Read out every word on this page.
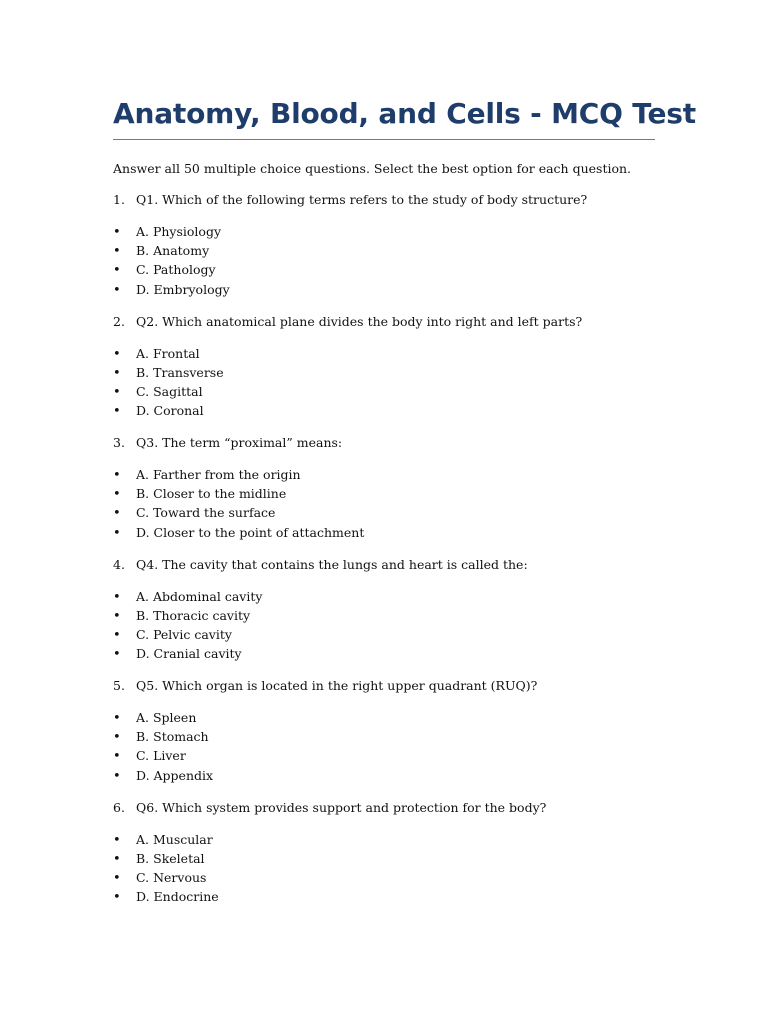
Anatomy, Blood, and Cells - MCQ Test

Answer all 50 multiple choice questions. Select the best option for each question.

1. Q1. Which of the following terms refers to the study of body structure?
• A. Physiology
• B. Anatomy
• C. Pathology
• D. Embryology
2. Q2. Which anatomical plane divides the body into right and left parts?
• A. Frontal
• B. Transverse
• C. Sagittal
• D. Coronal
3. Q3. The term “proximal” means:
• A. Farther from the origin
• B. Closer to the midline
• C. Toward the surface
• D. Closer to the point of attachment
4. Q4. The cavity that contains the lungs and heart is called the:
• A. Abdominal cavity
• B. Thoracic cavity
• C. Pelvic cavity
• D. Cranial cavity
5. Q5. Which organ is located in the right upper quadrant (RUQ)?
• A. Spleen
• B. Stomach
• C. Liver
• D. Appendix
6. Q6. Which system provides support and protection for the body?
• A. Muscular
• B. Skeletal
• C. Nervous
• D. Endocrine
